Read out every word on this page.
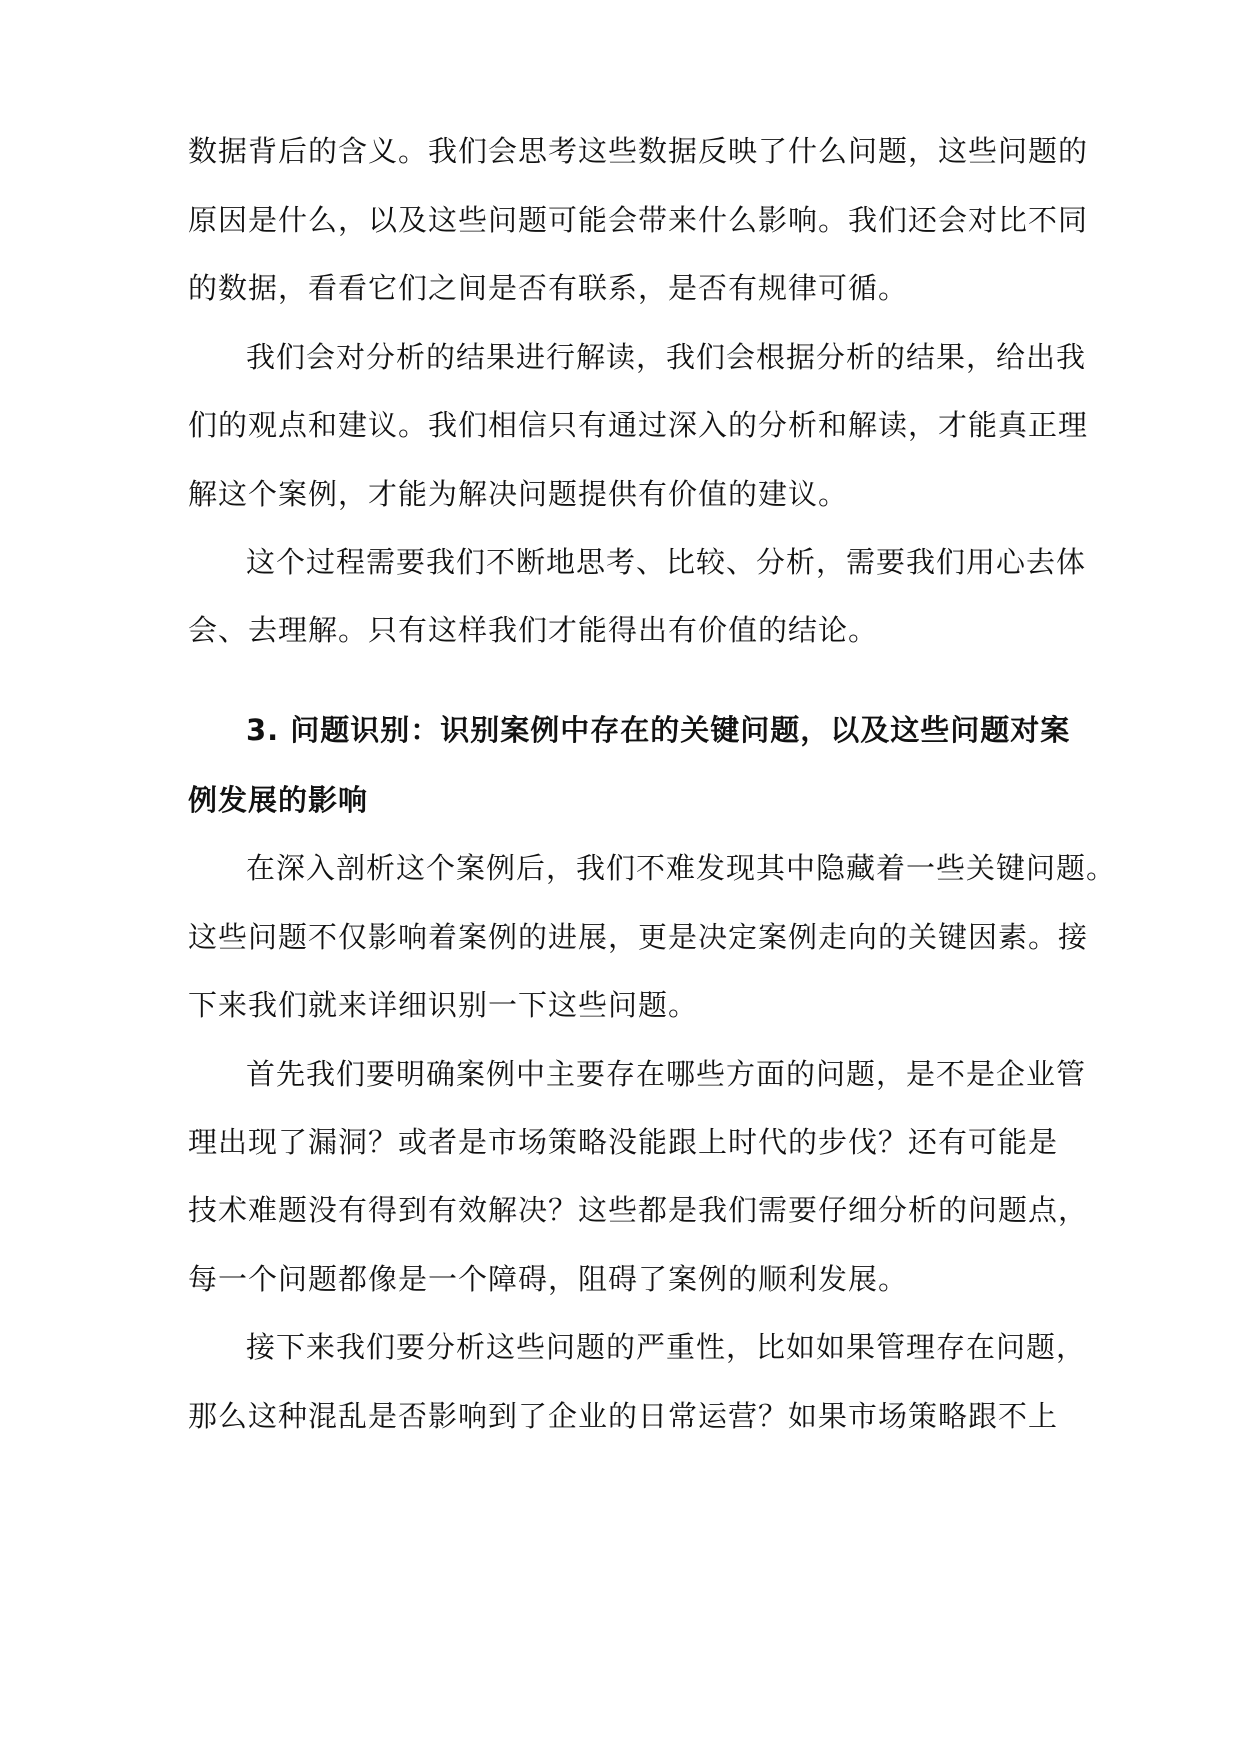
数据背后的含义。我们会思考这些数据反映了什么问题，这些问题的
原因是什么，以及这些问题可能会带来什么影响。我们还会对比不同
的数据，看看它们之间是否有联系，是否有规律可循。
我们会对分析的结果进行解读，我们会根据分析的结果，给出我
们的观点和建议。我们相信只有通过深入的分析和解读，才能真正理
解这个案例，才能为解决问题提供有价值的建议。
这个过程需要我们不断地思考、比较、分析，需要我们用心去体
会、去理解。只有这样我们才能得出有价值的结论。
3. 问题识别：识别案例中存在的关键问题，以及这些问题对案
例发展的影响
在深入剖析这个案例后，我们不难发现其中隐藏着一些关键问题。
这些问题不仅影响着案例的进展，更是决定案例走向的关键因素。接
下来我们就来详细识别一下这些问题。
首先我们要明确案例中主要存在哪些方面的问题，是不是企业管
理出现了漏洞？或者是市场策略没能跟上时代的步伐？还有可能是
技术难题没有得到有效解决？这些都是我们需要仔细分析的问题点，
每一个问题都像是一个障碍，阻碍了案例的顺利发展。
接下来我们要分析这些问题的严重性，比如如果管理存在问题，
那么这种混乱是否影响到了企业的日常运营？如果市场策略跟不上
